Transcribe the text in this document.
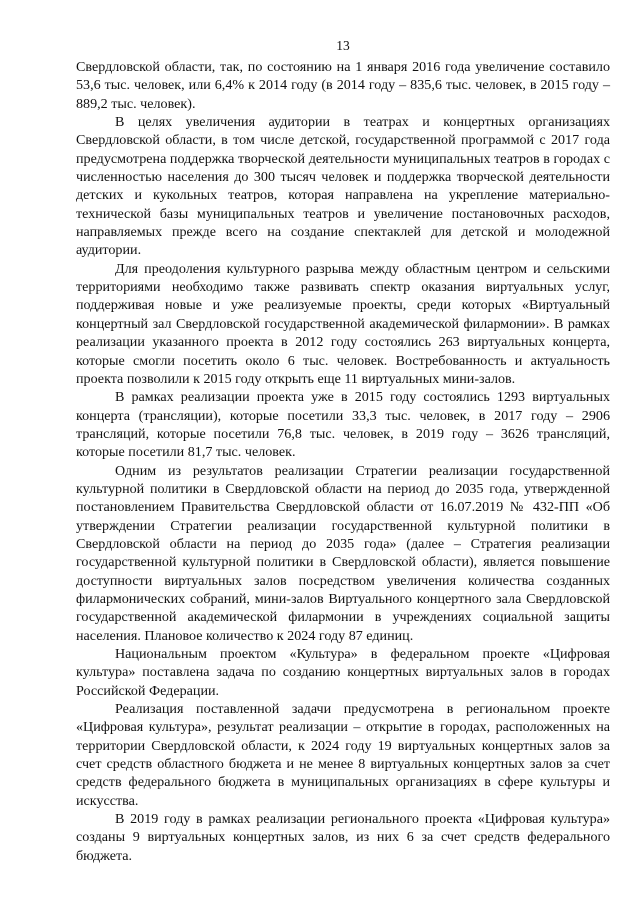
13

Свердловской области, так, по состоянию на 1 января 2016 года увеличение составило 53,6 тыс. человек, или 6,4% к 2014 году (в 2014 году – 835,6 тыс. человек, в 2015 году – 889,2 тыс. человек).

В целях увеличения аудитории в театрах и концертных организациях Свердловской области, в том числе детской, государственной программой с 2017 года предусмотрена поддержка творческой деятельности муниципальных театров в городах с численностью населения до 300 тысяч человек и поддержка творческой деятельности детских и кукольных театров, которая направлена на укрепление материально-технической базы муниципальных театров и увеличение постановочных расходов, направляемых прежде всего на создание спектаклей для детской и молодежной аудитории.

Для преодоления культурного разрыва между областным центром и сельскими территориями необходимо также развивать спектр оказания виртуальных услуг, поддерживая новые и уже реализуемые проекты, среди которых «Виртуальный концертный зал Свердловской государственной академической филармонии». В рамках реализации указанного проекта в 2012 году состоялись 263 виртуальных концерта, которые смогли посетить около 6 тыс. человек. Востребованность и актуальность проекта позволили к 2015 году открыть еще 11 виртуальных мини-залов.

В рамках реализации проекта уже в 2015 году состоялись 1293 виртуальных концерта (трансляции), которые посетили 33,3 тыс. человек, в 2017 году – 2906 трансляций, которые посетили 76,8 тыс. человек, в 2019 году – 3626 трансляций, которые посетили 81,7 тыс. человек.

Одним из результатов реализации Стратегии реализации государственной культурной политики в Свердловской области на период до 2035 года, утвержденной постановлением Правительства Свердловской области от 16.07.2019 № 432-ПП «Об утверждении Стратегии реализации государственной культурной политики в Свердловской области на период до 2035 года» (далее – Стратегия реализации государственной культурной политики в Свердловской области), является повышение доступности виртуальных залов посредством увеличения количества созданных филармонических собраний, мини-залов Виртуального концертного зала Свердловской государственной академической филармонии в учреждениях социальной защиты населения. Плановое количество к 2024 году 87 единиц.

Национальным проектом «Культура» в федеральном проекте «Цифровая культура» поставлена задача по созданию концертных виртуальных залов в городах Российской Федерации.

Реализация поставленной задачи предусмотрена в региональном проекте «Цифровая культура», результат реализации – открытие в городах, расположенных на территории Свердловской области, к 2024 году 19 виртуальных концертных залов за счет средств областного бюджета и не менее 8 виртуальных концертных залов за счет средств федерального бюджета в муниципальных организациях в сфере культуры и искусства.

В 2019 году в рамках реализации регионального проекта «Цифровая культура» созданы 9 виртуальных концертных залов, из них 6 за счет средств федерального бюджета.
